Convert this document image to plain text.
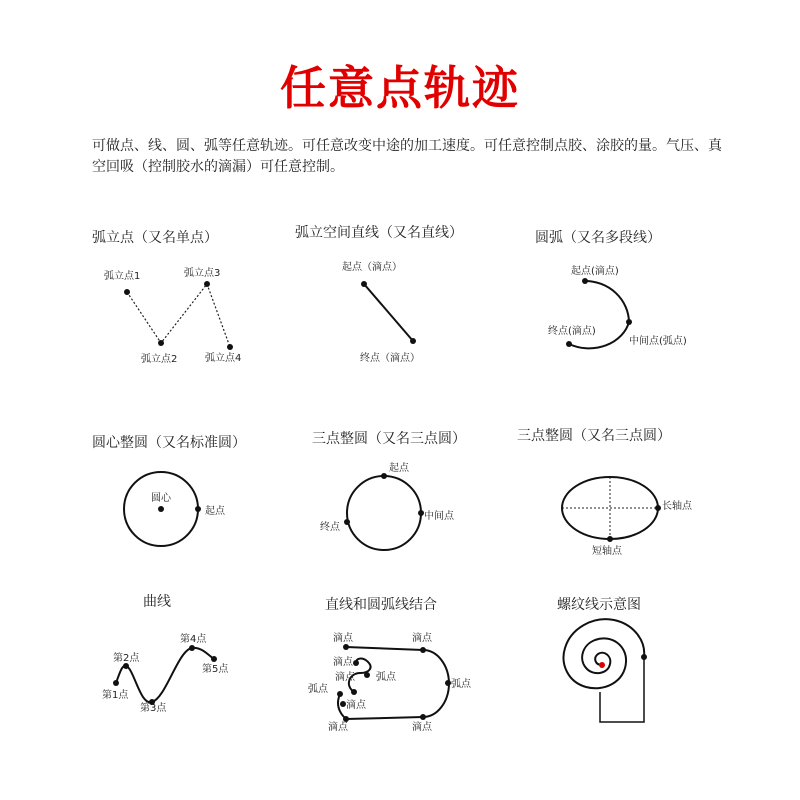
任意点轨迹
可做点、线、圆、弧等任意轨迹。可任意改变中途的加工速度。可任意控制点胶、涂胶的量。气压、真空回吸（控制胶水的滴漏）可任意控制。
弧立点（又名单点）	弧立空间直线（又名直线）	圆弧（又名多段线）
圆心整圆（又名标准圆）	三点整圆（又名三点圆）	三点整圆（又名三点圆）
曲线	直线和圆弧线结合	螺纹线示意图
弧立点1
弧立点2
弧立点3
弧立点4
起点（滴点）
终点（滴点）
起点(滴点)
终点(滴点)
中间点(弧点)
圆心
起点
起点
中间点
终点
长轴点
短轴点
第1点
第2点
第3点
第4点
第5点
滴点	滴点
滴点
滴点 弧点
弧点
滴点
弧点
滴点	滴点
